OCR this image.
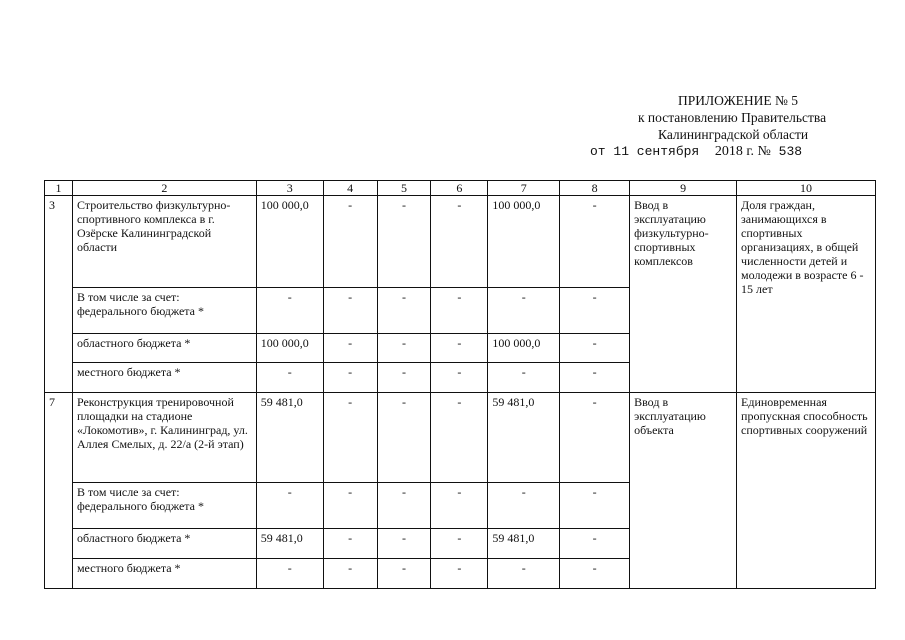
ПРИЛОЖЕНИЕ № 5
к постановлению Правительства
Калининградской области
от 11 сентября 2018 г. № 538
1	2	3	4	5	6	7	8	9	10
3	Строительство физкультурно-спортивного комплекса в г. Озёрске Калининградской области	100 000,0	-	-	-	100 000,0	-	Ввод в эксплуатацию физкультурно-спортивных комплексов	Доля граждан, занимающихся в спортивных организациях, в общей численности детей и молодежи в возрасте 6 - 15 лет
	В том числе за счет: федерального бюджета *	-	-	-	-	-	-		
	областного бюджета *	100 000,0	-	-	-	100 000,0	-		
	местного бюджета *	-	-	-	-	-	-		
7	Реконструкция тренировочной площадки на стадионе «Локомотив», г. Калининград, ул. Аллея Смелых, д. 22/а (2-й этап)	59 481,0	-	-	-	59 481,0	-	Ввод в эксплуатацию объекта	Единовременная пропускная способность спортивных сооружений
	В том числе за счет: федерального бюджета *	-	-	-	-	-	-		
	областного бюджета *	59 481,0	-	-	-	59 481,0	-		
	местного бюджета *	-	-	-	-	-	-		
